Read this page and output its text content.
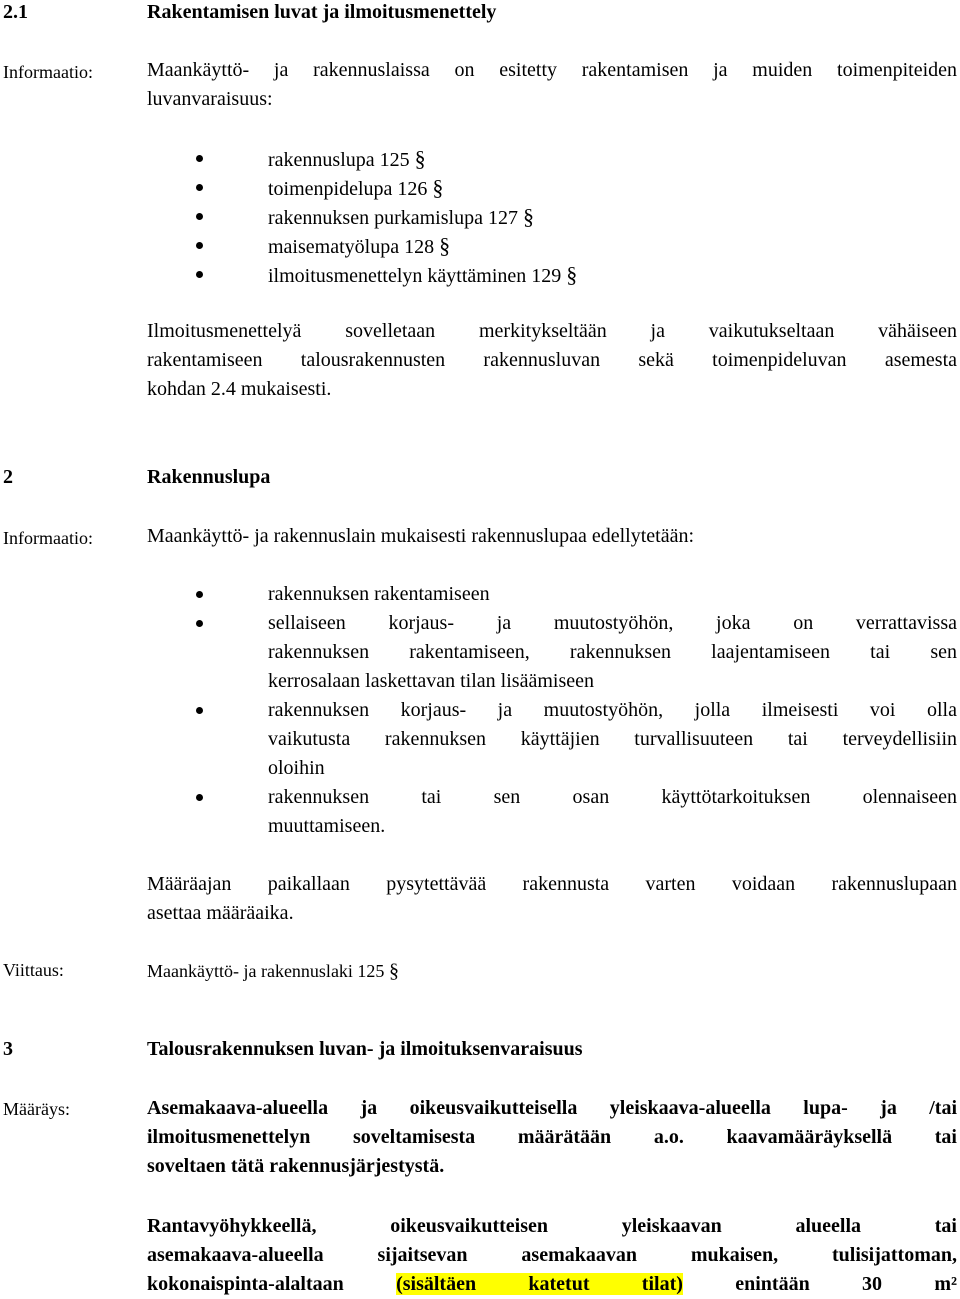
2.1	Rakentamisen luvat ja ilmoitusmenettely
Informaatio:	Maankäyttö- ja rakennuslaissa on esitetty rakentamisen ja muiden toimenpiteiden
luvanvaraisuus:
rakennuslupa 125 §
toimenpidelupa 126 §
rakennuksen purkamislupa 127 §
maisematyölupa 128 §
ilmoitusmenettelyn käyttäminen 129 §
Ilmoitusmenettelyä sovelletaan merkitykseltään ja vaikutukseltaan vähäiseen
rakentamiseen talousrakennusten rakennusluvan sekä toimenpideluvan asemesta
kohdan 2.4 mukaisesti.
2	Rakennuslupa
Informaatio:	Maankäyttö- ja rakennuslain mukaisesti rakennuslupaa edellytetään:
rakennuksen rakentamiseen
sellaiseen korjaus- ja muutostyöhön, joka on verrattavissa
rakennuksen rakentamiseen, rakennuksen laajentamiseen tai sen
kerrosalaan laskettavan tilan lisäämiseen
rakennuksen korjaus- ja muutostyöhön, jolla ilmeisesti voi olla
vaikutusta rakennuksen käyttäjien turvallisuuteen tai terveydellisiin
oloihin
rakennuksen tai sen osan käyttötarkoituksen olennaiseen
muuttamiseen.
Määräajan paikallaan pysytettävää rakennusta varten voidaan rakennuslupaan
asettaa määräaika.
Viittaus:	Maankäyttö- ja rakennuslaki 125 §
3	Talousrakennuksen luvan- ja ilmoituksenvaraisuus
Määräys:	Asemakaava-alueella ja oikeusvaikutteisella yleiskaava-alueella lupa- ja /tai
ilmoitusmenettelyn soveltamisesta määrätään a.o. kaavamääräyksellä tai
soveltaen tätä rakennusjärjestystä.
Rantavyöhykkeellä, oikeusvaikutteisen yleiskaavan alueella tai
asemakaava-alueella sijaitsevan asemakaavan mukaisen, tulisijattoman,
kokonaispinta-alaltaan (sisältäen katetut tilat) enintään 30 m²
